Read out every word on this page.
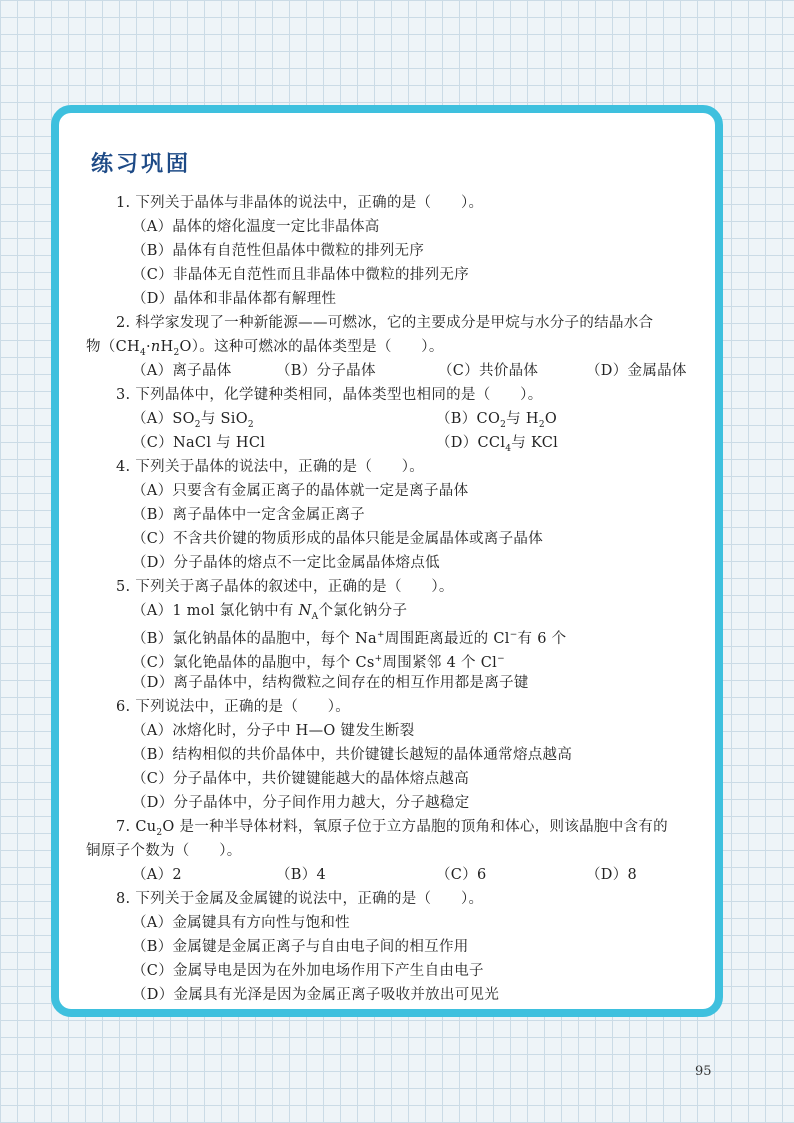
练习巩固
1. 下列关于晶体与非晶体的说法中，正确的是（　　）。
（A）晶体的熔化温度一定比非晶体高
（B）晶体有自范性但晶体中微粒的排列无序
（C）非晶体无自范性而且非晶体中微粒的排列无序
（D）晶体和非晶体都有解理性
2. 科学家发现了一种新能源——可燃冰，它的主要成分是甲烷与水分子的结晶水合
物$(CH_4\cdot nH_2O)$。这种可燃冰的晶体类型是（　　）。
（A）离子晶体	（B）分子晶体	（C）共价晶体	（D）金属晶体
3. 下列晶体中，化学键种类相同，晶体类型也相同的是（　　）。
$(A)SO_2$与 SiO$_2$	$(B)CO_2$与 $H_2O$
（C）NaCl 与 HCl	（D）CCl$_4$与 KCl
4. 下列关于晶体的说法中，正确的是（　　）。
（A）只要含有金属正离子的晶体就一定是离子晶体
（B）离子晶体中一定含金属正离子
（C）不含共价键的物质形成的晶体只能是金属晶体或离子晶体
（D）分子晶体的熔点不一定比金属晶体熔点低
5. 下列关于离子晶体的叙述中，正确的是（　　）。
（A）1 mol 氯化钠中有 $N_A$个氯化钠分子
（B）氯化钠晶体的晶胞中，每个 Na+周围距离最近的 Cl−有 6 个
（C）氯化铯晶体的晶胞中，每个 Cs+周围紧邻 4 个 Cl−
（D）离子晶体中，结构微粒之间存在的相互作用都是离子键
6. 下列说法中，正确的是（　　）。
（A）冰熔化时，分子中 H—O 键发生断裂
（B）结构相似的共价晶体中，共价键键长越短的晶体通常熔点越高
（C）分子晶体中，共价键键能越大的晶体熔点越高
（D）分子晶体中，分子间作用力越大，分子越稳定
7. $Cu_2O$ 是一种半导体材料，氧原子位于立方晶胞的顶角和体心，则该晶胞中含有的
铜原子个数为（　　）。
（A）2	（B）4	（C）6	（D）8
8. 下列关于金属及金属键的说法中，正确的是（　　）。
（A）金属键具有方向性与饱和性
（B）金属键是金属正离子与自由电子间的相互作用
（C）金属导电是因为在外加电场作用下产生自由电子
（D）金属具有光泽是因为金属正离子吸收并放出可见光
95
